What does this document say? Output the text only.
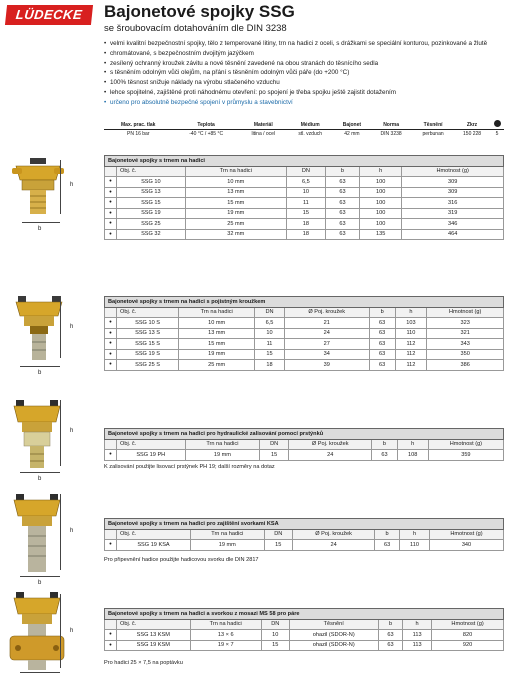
LÜDECKE	Bajonetové spojky SSG
se šroubovacím dotahováním dle DIN 3238
• velmi kvalitní bezpečnostní spojky, tělo z temperované litiny, trn na hadici z oceli, s drážkami se speciální konturou, pozinkované a žlutě
• chromátované, s bezpečnostním dvojitým jazýčkem
• zesílený ochranný kroužek závitu a nové těsnění zavedené na obou stranách do těsnícího sedla
• s těsněním odolným vůči olejům, na přání s těsněním odolným vůči páře (do +200 °C)
• 100% těsnost snižuje náklady na výrobu stlačeného vzduchu
• lehce spojitelné, zajištěné proti náhodnému otevření: po spojení je třeba spojku ještě zajistit dotažením
• určeno pro absolutně bezpečné spojení v průmyslu a stavebnictví
Max. prac. tlak	Teplota	Materiál	Médium	Bajonet	Norma	Těsnění	Zkrz	
PN 16 bar	-40 °C / +85 °C	litina / ocel	stl. vzduch	42 mm	DIN 3238	perbunan	150 228	5
h
b
h
b
h
b
h
b
h
Bajonetové spojky s trnem na hadici						
	Obj. č.	Trn na hadici	DN	b	h	Hmotnost (g)
•	SSG 10	10 mm	6,5	63	100	309
•	SSG 13	13 mm	10	63	100	309
•	SSG 15	15 mm	11	63	100	316
•	SSG 19	19 mm	15	63	100	319
•	SSG 25	25 mm	18	63	100	346
•	SSG 32	32 mm	18	63	135	464
Bajonetové spojky s trnem na hadici s pojistným kroužkem							
	Obj. č.	Trn na hadici	DN	Ø Poj. kroužek	b	h	Hmotnost (g)
•	SSG 10 S	10 mm	6,5	21	63	103	323
•	SSG 13 S	13 mm	10	24	63	110	321
•	SSG 15 S	15 mm	11	27	63	112	343
•	SSG 19 S	19 mm	15	34	63	112	350
•	SSG 25 S	25 mm	18	39	63	112	386
Bajonetové spojky s trnem na hadici pro hydraulické zalisování pomocí prstýnků							
	Obj. č.	Trn na hadici	DN	Ø Poj. kroužek	b	h	Hmotnost (g)
•	SSG 19 PH	19 mm	15	24	63	108	359
K zalisování použijte lisovací prstýnek PH 19; další rozměry na dotaz
Bajonetové spojky s trnem na hadici pro zajištění svorkami KSA							
	Obj. č.	Trn na hadici	DN	Ø Poj. kroužek	b	h	Hmotnost (g)
•	SSG 19 KSA	19 mm	15	24	63	110	340
Pro připevnění hadice použijte hadicovou svorku dle DIN 2817
Bajonetové spojky s trnem na hadici a svorkou z mosazi MS 58 pro páre							
	Obj. č.	Trn na hadici	DN	Těsnění	b	h	Hmotnost (g)
•	SSG 13 KSM	13 × 6	10	ohazil (SDOR-N)	63	113	820
•	SSG 19 KSM	19 × 7	15	ohazil (SDOR-N)	63	113	920
Pro hadici 25 × 7,5 na poptávku
